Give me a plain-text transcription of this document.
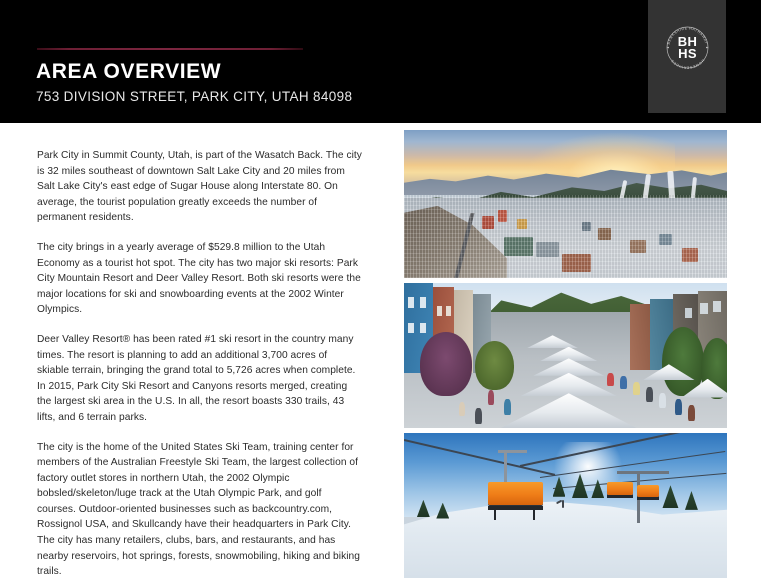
AREA OVERVIEW
753 DIVISION STREET, PARK CITY, UTAH 84098
BERKSHIRE HATHAWAY
HOMESERVICES
BH
HS

Park City in Summit County, Utah, is part of the Wasatch Back. The city is 32 miles southeast of downtown Salt Lake City and 20 miles from Salt Lake City's east edge of Sugar House along Interstate 80. On average, the tourist population greatly exceeds the number of permanent residents.

The city brings in a yearly average of $529.8 million to the Utah Economy as a tourist hot spot. The city has two major ski resorts: Park City Mountain Resort and Deer Valley Resort. Both ski resorts were the major locations for ski and snowboarding events at the 2002 Winter Olympics.

Deer Valley Resort® has been rated #1 ski resort in the country many times. The resort is planning to add an additional 3,700 acres of skiable terrain, bringing the grand total to 5,726 acres when complete. In 2015, Park City Ski Resort and Canyons resorts merged, creating the largest ski area in the U.S. In all, the resort boasts 330 trails, 43 lifts, and 6 terrain parks.

The city is the home of the United States Ski Team, training center for members of the Australian Freestyle Ski Team, the largest collection of factory outlet stores in northern Utah, the 2002 Olympic bobsled/skeleton/luge track at the Utah Olympic Park, and golf courses. Outdoor-oriented businesses such as backcountry.com, Rossignol USA, and Skullcandy have their headquarters in Park City. The city has many retailers, clubs, bars, and restaurants, and has nearby reservoirs, hot springs, forests, snowmobiling, hiking and biking trails.
